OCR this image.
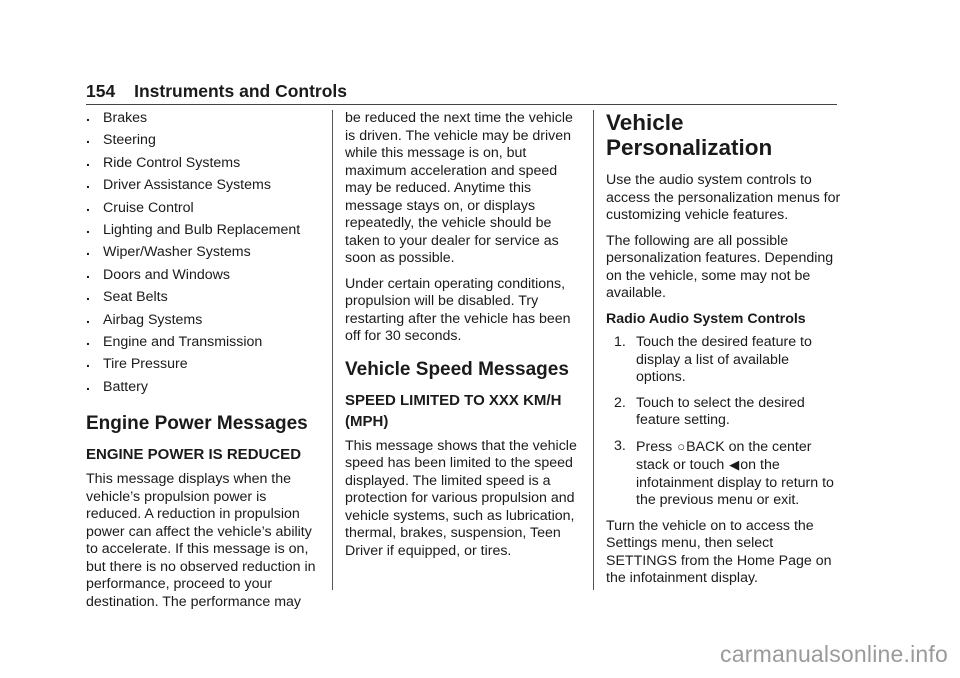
154 Instruments and Controls
. Brakes
. Steering
. Ride Control Systems
. Driver Assistance Systems
. Cruise Control
. Lighting and Bulb Replacement
. Wiper/Washer Systems
. Doors and Windows
. Seat Belts
. Airbag Systems
. Engine and Transmission
. Tire Pressure
. Battery
Engine Power Messages
ENGINE POWER IS REDUCED

This message displays when the vehicle’s propulsion power is reduced. A reduction in propulsion power can affect the vehicle’s ability to accelerate. If this message is on, but there is no observed reduction in performance, proceed to your destination. The performance may

be reduced the next time the vehicle is driven. The vehicle may be driven while this message is on, but maximum acceleration and speed may be reduced. Anytime this message stays on, or displays repeatedly, the vehicle should be taken to your dealer for service as soon as possible.

Under certain operating conditions, propulsion will be disabled. Try restarting after the vehicle has been off for 30 seconds.

Vehicle Speed Messages
SPEED LIMITED TO XXX KM/H (MPH)

This message shows that the vehicle speed has been limited to the speed displayed. The limited speed is a protection for various propulsion and vehicle systems, such as lubrication, thermal, brakes, suspension, Teen Driver if equipped, or tires.

Vehicle Personalization

Use the audio system controls to access the personalization menus for customizing vehicle features.

The following are all possible personalization features. Depending on the vehicle, some may not be available.

Radio Audio System Controls
1. Touch the desired feature to display a list of available options.
2. Touch to select the desired feature setting.
3. Press ○BACK on the center stack or touch ◀on the infotainment display to return to the previous menu or exit.

Turn the vehicle on to access the Settings menu, then select SETTINGS from the Home Page on the infotainment display.

carmanualsonline.info
